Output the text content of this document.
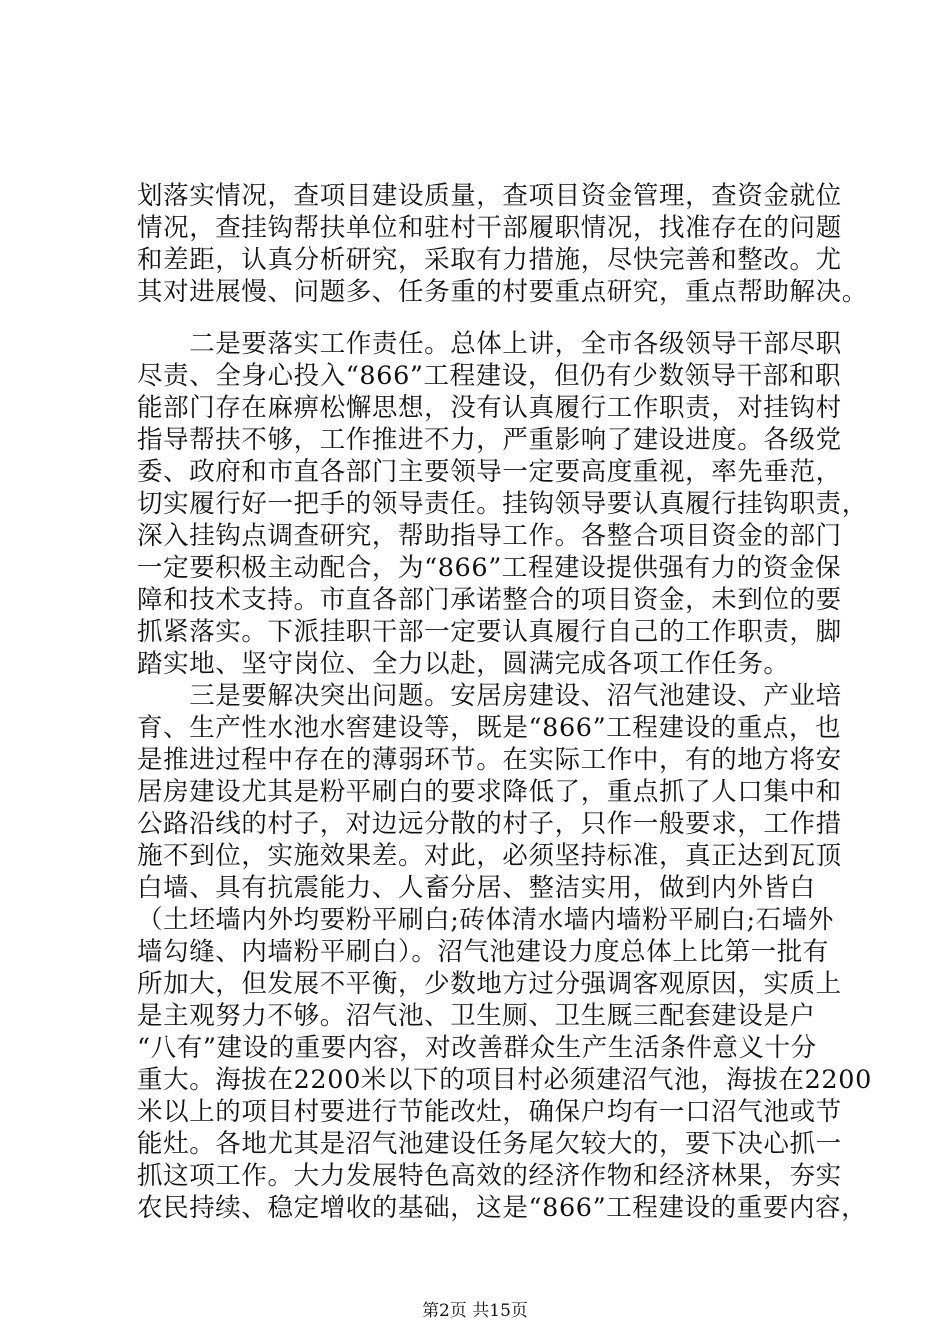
划落实情况，查项目建设质量，查项目资金管理，查资金就位
情况，查挂钩帮扶单位和驻村干部履职情况，找准存在的问题
和差距，认真分析研究，采取有力措施，尽快完善和整改。尤
其对进展慢、问题多、任务重的村要重点研究，重点帮助解决。
　　二是要落实工作责任。总体上讲，全市各级领导干部尽职
尽责、全身心投入“866”工程建设，但仍有少数领导干部和职
能部门存在麻痹松懈思想，没有认真履行工作职责，对挂钩村
指导帮扶不够，工作推进不力，严重影响了建设进度。各级党
委、政府和市直各部门主要领导一定要高度重视，率先垂范，
切实履行好一把手的领导责任。挂钩领导要认真履行挂钩职责，
深入挂钩点调查研究，帮助指导工作。各整合项目资金的部门
一定要积极主动配合，为“866”工程建设提供强有力的资金保
障和技术支持。市直各部门承诺整合的项目资金，未到位的要
抓紧落实。下派挂职干部一定要认真履行自己的工作职责，脚
踏实地、坚守岗位、全力以赴，圆满完成各项工作任务。
　　三是要解决突出问题。安居房建设、沼气池建设、产业培
育、生产性水池水窖建设等，既是“866”工程建设的重点，也
是推进过程中存在的薄弱环节。在实际工作中，有的地方将安
居房建设尤其是粉平刷白的要求降低了，重点抓了人口集中和
公路沿线的村子，对边远分散的村子，只作一般要求，工作措
施不到位，实施效果差。对此，必须坚持标准，真正达到瓦顶
白墙、具有抗震能力、人畜分居、整洁实用，做到内外皆白
（土坯墙内外均要粉平刷白;砖体清水墙内墙粉平刷白;石墙外
墙勾缝、内墙粉平刷白）。沼气池建设力度总体上比第一批有
所加大，但发展不平衡，少数地方过分强调客观原因，实质上
是主观努力不够。沼气池、卫生厕、卫生厩三配套建设是户
“八有”建设的重要内容，对改善群众生产生活条件意义十分
重大。海拔在2200米以下的项目村必须建沼气池，海拔在2200
米以上的项目村要进行节能改灶，确保户均有一口沼气池或节
能灶。各地尤其是沼气池建设任务尾欠较大的，要下决心抓一
抓这项工作。大力发展特色高效的经济作物和经济林果，夯实
农民持续、稳定增收的基础，这是“866”工程建设的重要内容，
第2页 共15页
